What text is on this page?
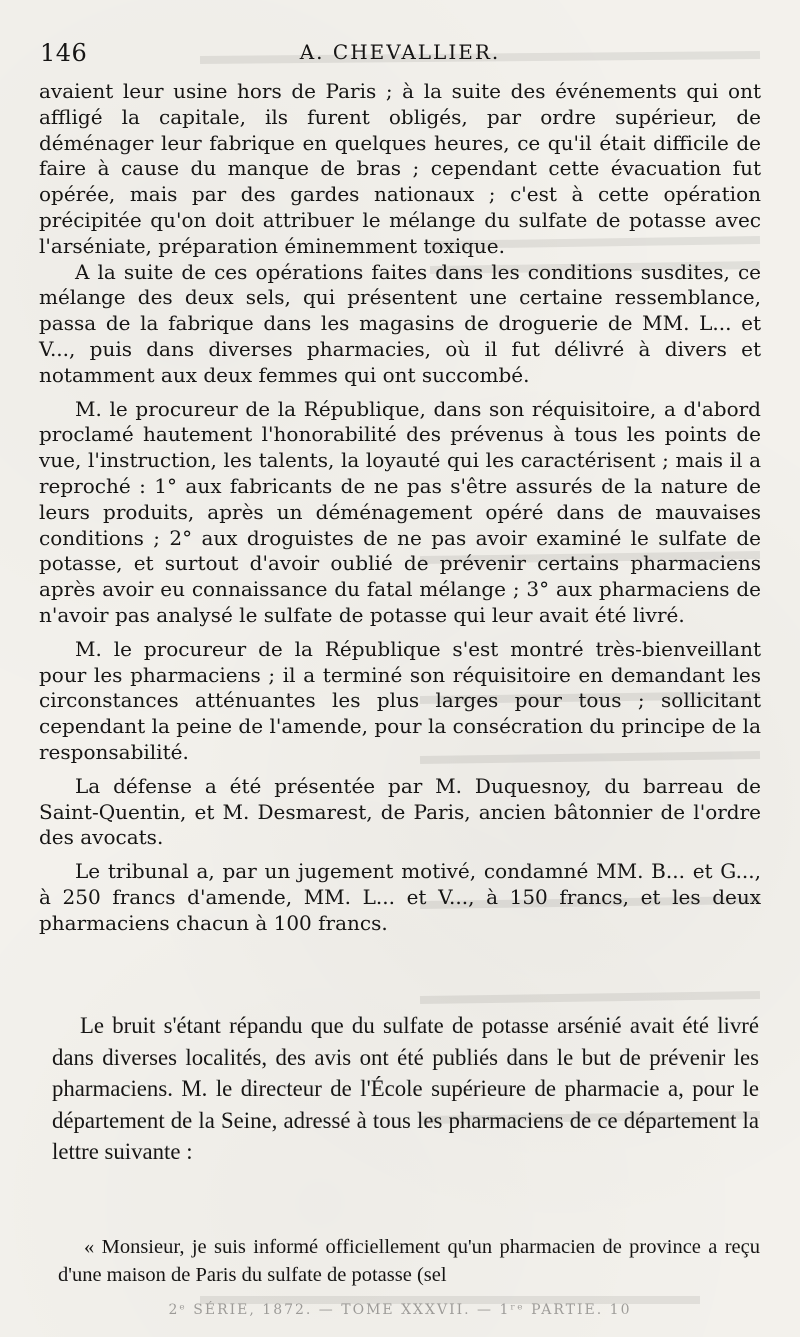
146	A. CHEVALLIER.

avaient leur usine hors de Paris ; à la suite des événements qui ont affligé la capitale, ils furent obligés, par ordre supérieur, de déménager leur fabrique en quelques heures, ce qu'il était difficile de faire à cause du manque de bras ; cependant cette évacuation fut opérée, mais par des gardes nationaux ; c'est à cette opération précipitée qu'on doit attribuer le mélange du sulfate de potasse avec l'arséniate, préparation éminemment toxique.

A la suite de ces opérations faites dans les conditions susdites, ce mélange des deux sels, qui présentent une certaine ressemblance, passa de la fabrique dans les magasins de droguerie de MM. L... et V..., puis dans diverses pharmacies, où il fut délivré à divers et notamment aux deux femmes qui ont succombé.

M. le procureur de la République, dans son réquisitoire, a d'abord proclamé hautement l'honorabilité des prévenus à tous les points de vue, l'instruction, les talents, la loyauté qui les caractérisent ; mais il a reproché : 1° aux fabricants de ne pas s'être assurés de la nature de leurs produits, après un déménagement opéré dans de mauvaises conditions ; 2° aux droguistes de ne pas avoir examiné le sulfate de potasse, et surtout d'avoir oublié de prévenir certains pharmaciens après avoir eu connaissance du fatal mélange ; 3° aux pharmaciens de n'avoir pas analysé le sulfate de potasse qui leur avait été livré.

M. le procureur de la République s'est montré très-bienveillant pour les pharmaciens ; il a terminé son réquisitoire en demandant les circonstances atténuantes les plus larges pour tous ; sollicitant cependant la peine de l'amende, pour la consécration du principe de la responsabilité.

La défense a été présentée par M. Duquesnoy, du barreau de Saint-Quentin, et M. Desmarest, de Paris, ancien bâtonnier de l'ordre des avocats.

Le tribunal a, par un jugement motivé, condamné MM. B... et G..., à 250 francs d'amende, MM. L... et V..., à 150 francs, et les deux pharmaciens chacun à 100 francs.

Le bruit s'étant répandu que du sulfate de potasse arsénié avait été livré dans diverses localités, des avis ont été publiés dans le but de prévenir les pharmaciens. M. le directeur de l'École supérieure de pharmacie a, pour le département de la Seine, adressé à tous les pharmaciens de ce département la lettre suivante :

« Monsieur, je suis informé officiellement qu'un pharmacien de province a reçu d'une maison de Paris du sulfate de potasse (sel

2ᵉ SÉRIE, 1872. — TOME XXXVII. — 1ʳᵉ PARTIE. 10
